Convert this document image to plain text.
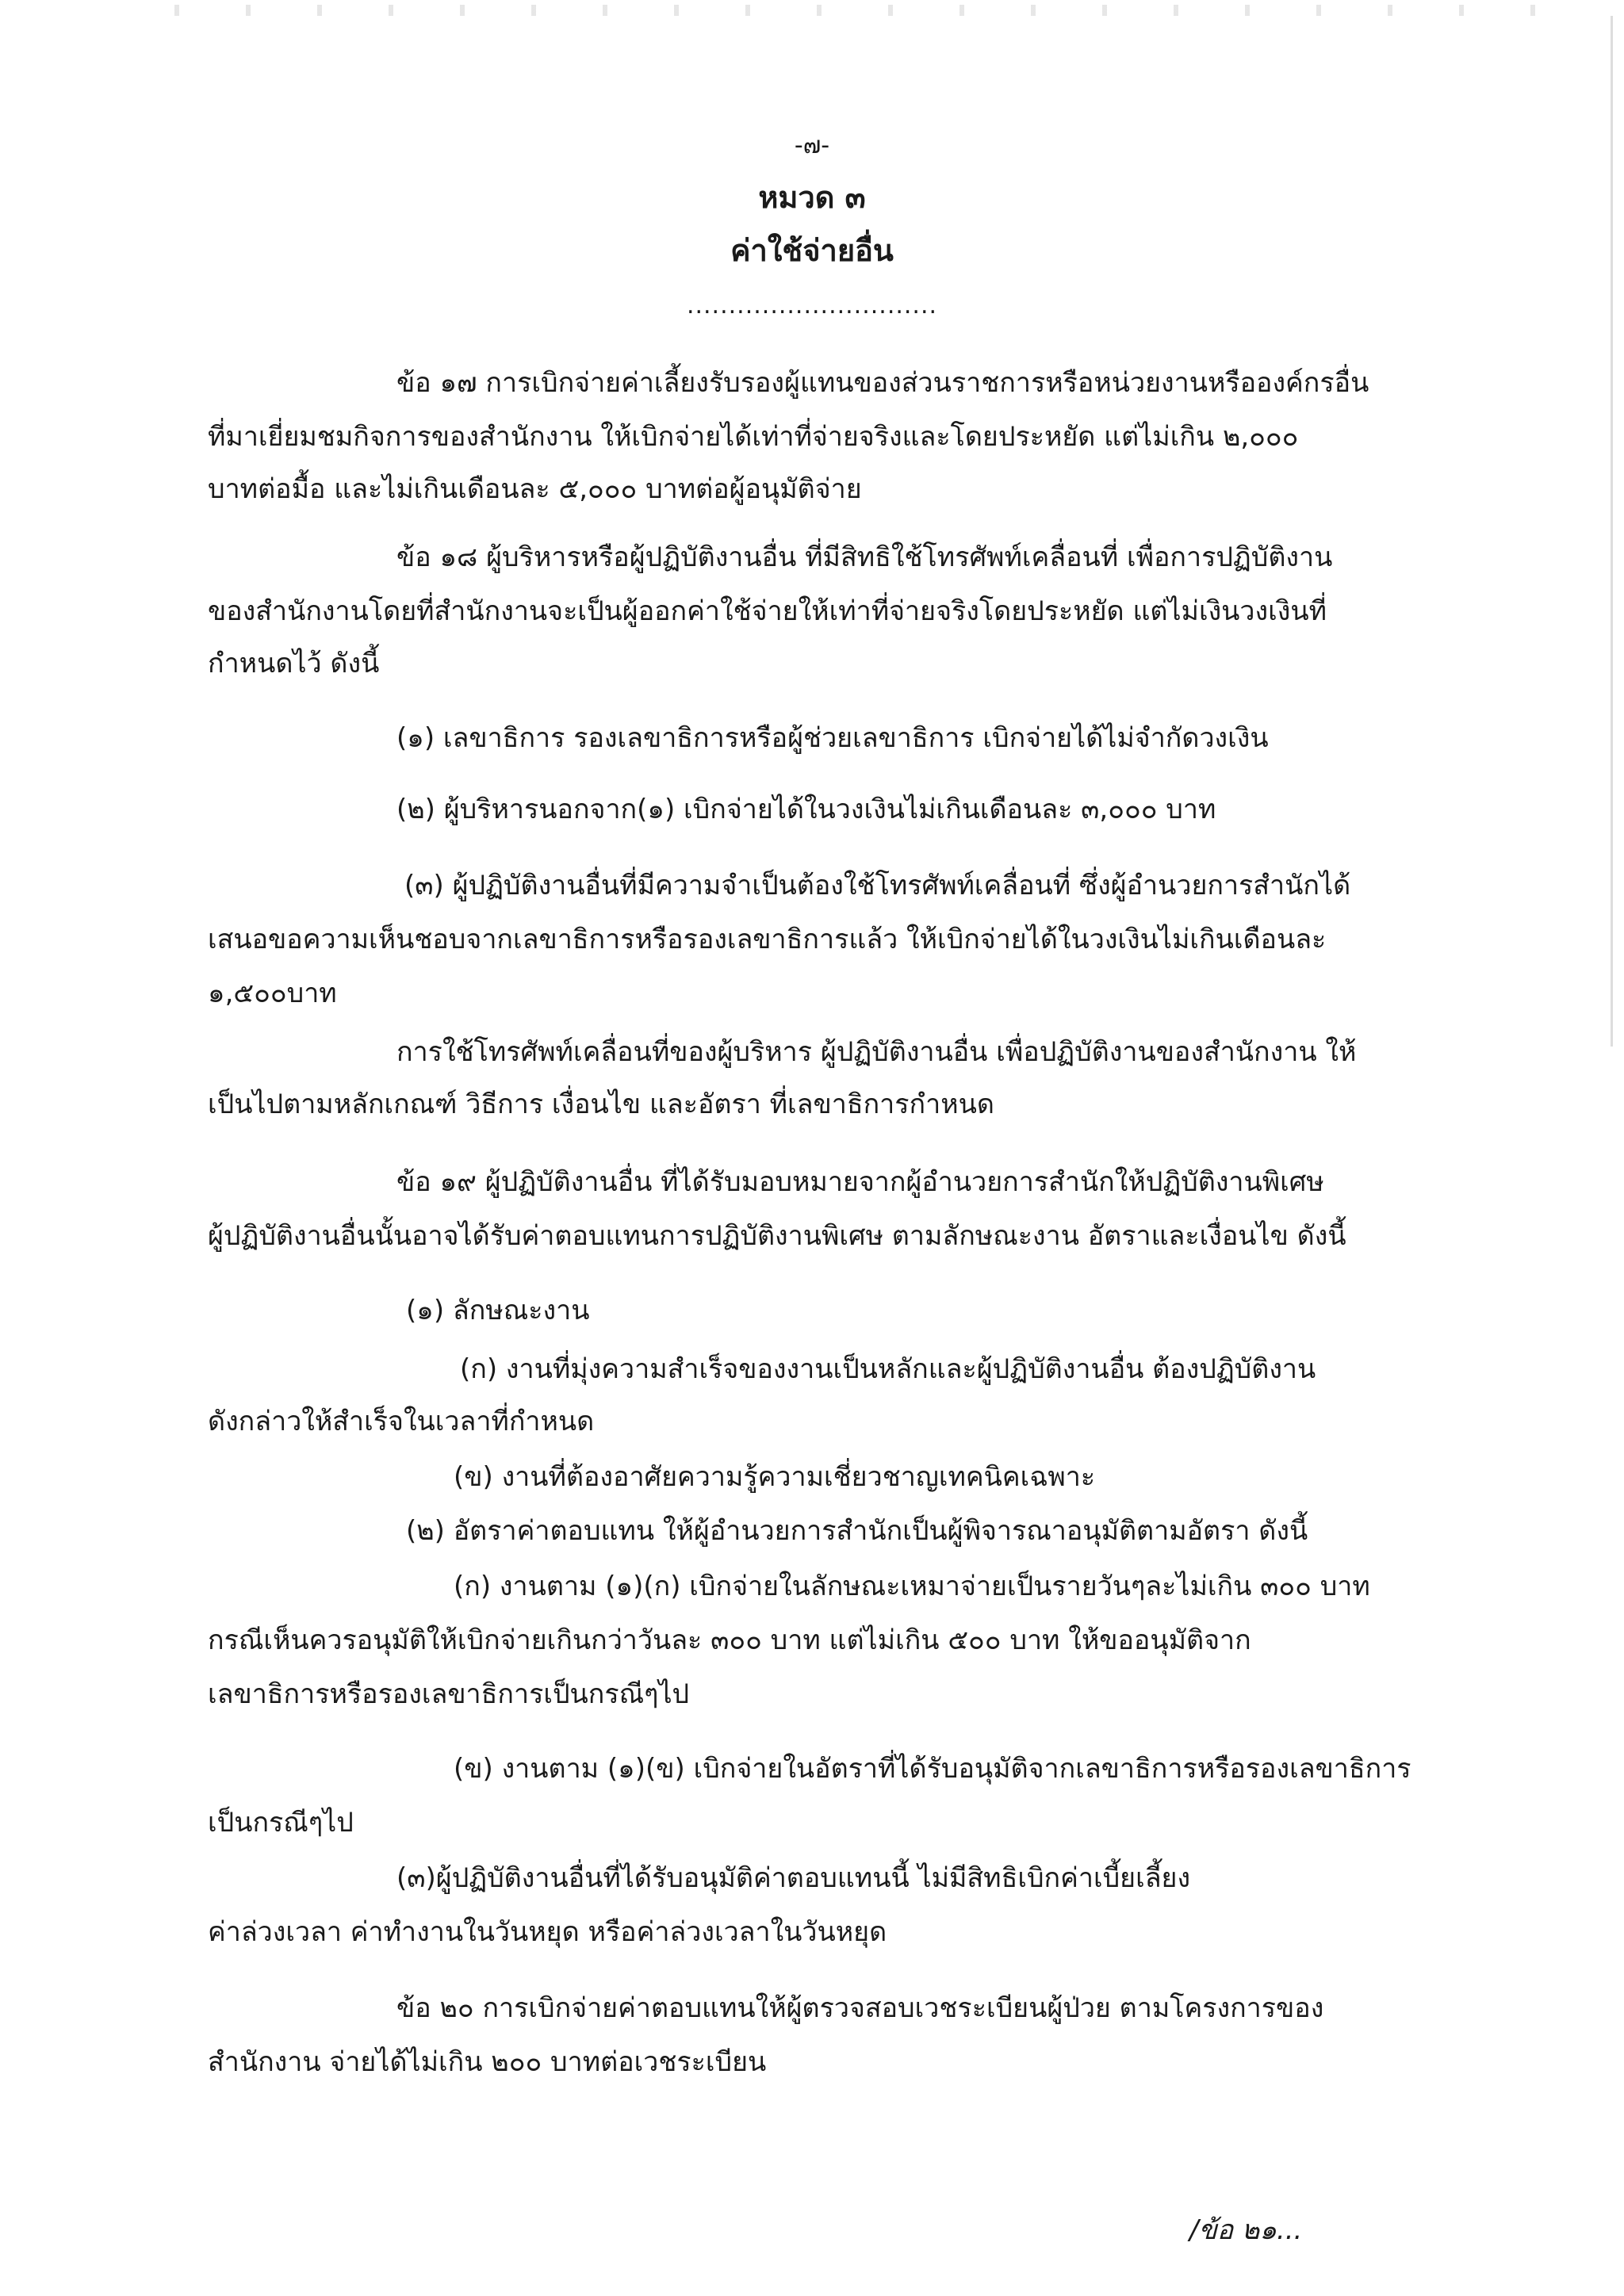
-๗-
หมวด ๓
ค่าใช้จ่ายอื่น
..............................
ข้อ ๑๗ การเบิกจ่ายค่าเลี้ยงรับรองผู้แทนของส่วนราชการหรือหน่วยงานหรือองค์กรอื่น
ที่มาเยี่ยมชมกิจการของสำนักงาน ให้เบิกจ่ายได้เท่าที่จ่ายจริงและโดยประหยัด แต่ไม่เกิน ๒,๐๐๐
บาทต่อมื้อ และไม่เกินเดือนละ ๕,๐๐๐ บาทต่อผู้อนุมัติจ่าย
ข้อ ๑๘ ผู้บริหารหรือผู้ปฏิบัติงานอื่น ที่มีสิทธิใช้โทรศัพท์เคลื่อนที่ เพื่อการปฏิบัติงาน
ของสำนักงานโดยที่สำนักงานจะเป็นผู้ออกค่าใช้จ่ายให้เท่าที่จ่ายจริงโดยประหยัด แต่ไม่เงินวงเงินที่
กำหนดไว้ ดังนี้
(๑) เลขาธิการ รองเลขาธิการหรือผู้ช่วยเลขาธิการ เบิกจ่ายได้ไม่จำกัดวงเงิน
(๒) ผู้บริหารนอกจาก(๑) เบิกจ่ายได้ในวงเงินไม่เกินเดือนละ ๓,๐๐๐ บาท
(๓) ผู้ปฏิบัติงานอื่นที่มีความจำเป็นต้องใช้โทรศัพท์เคลื่อนที่ ซึ่งผู้อำนวยการสำนักได้
เสนอขอความเห็นชอบจากเลขาธิการหรือรองเลขาธิการแล้ว ให้เบิกจ่ายได้ในวงเงินไม่เกินเดือนละ
๑,๕๐๐บาท
การใช้โทรศัพท์เคลื่อนที่ของผู้บริหาร ผู้ปฏิบัติงานอื่น เพื่อปฏิบัติงานของสำนักงาน ให้
เป็นไปตามหลักเกณฑ์ วิธีการ เงื่อนไข และอัตรา ที่เลขาธิการกำหนด
ข้อ ๑๙ ผู้ปฏิบัติงานอื่น ที่ได้รับมอบหมายจากผู้อำนวยการสำนักให้ปฏิบัติงานพิเศษ
ผู้ปฏิบัติงานอื่นนั้นอาจได้รับค่าตอบแทนการปฏิบัติงานพิเศษ ตามลักษณะงาน อัตราและเงื่อนไข ดังนี้
(๑) ลักษณะงาน
(ก) งานที่มุ่งความสำเร็จของงานเป็นหลักและผู้ปฏิบัติงานอื่น ต้องปฏิบัติงาน
ดังกล่าวให้สำเร็จในเวลาที่กำหนด
(ข) งานที่ต้องอาศัยความรู้ความเชี่ยวชาญเทคนิคเฉพาะ
(๒) อัตราค่าตอบแทน ให้ผู้อำนวยการสำนักเป็นผู้พิจารณาอนุมัติตามอัตรา ดังนี้
(ก) งานตาม (๑)(ก) เบิกจ่ายในลักษณะเหมาจ่ายเป็นรายวันๆละไม่เกิน ๓๐๐ บาท
กรณีเห็นควรอนุมัติให้เบิกจ่ายเกินกว่าวันละ ๓๐๐ บาท แต่ไม่เกิน ๕๐๐ บาท ให้ขออนุมัติจาก
เลขาธิการหรือรองเลขาธิการเป็นกรณีๆไป
(ข) งานตาม (๑)(ข) เบิกจ่ายในอัตราที่ได้รับอนุมัติจากเลขาธิการหรือรองเลขาธิการ
เป็นกรณีๆไป
(๓)ผู้ปฏิบัติงานอื่นที่ได้รับอนุมัติค่าตอบแทนนี้ ไม่มีสิทธิเบิกค่าเบี้ยเลี้ยง
ค่าล่วงเวลา ค่าทำงานในวันหยุด หรือค่าล่วงเวลาในวันหยุด
ข้อ ๒๐ การเบิกจ่ายค่าตอบแทนให้ผู้ตรวจสอบเวชระเบียนผู้ป่วย ตามโครงการของ
สำนักงาน จ่ายได้ไม่เกิน ๒๐๐ บาทต่อเวชระเบียน
/ข้อ ๒๑...
